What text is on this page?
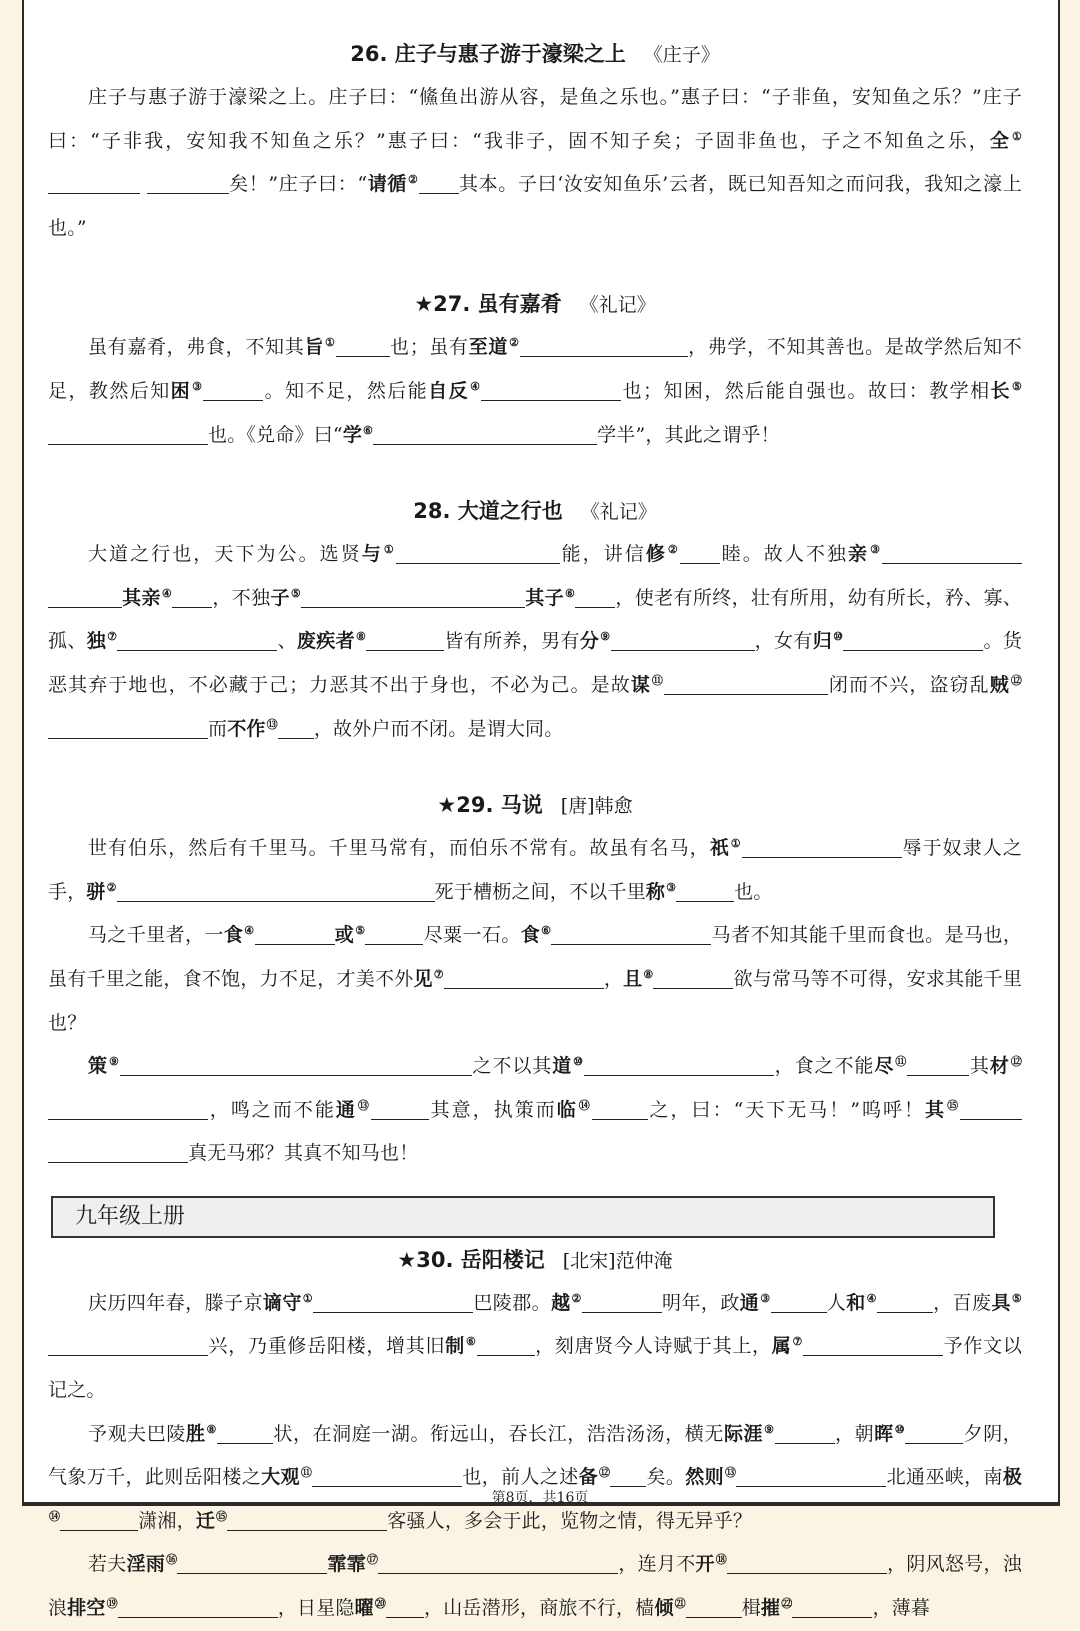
26. 庄子与惠子游于濠梁之上 《庄子》

庄子与惠子游于濠梁之上。庄子曰：“鯈鱼出游从容，是鱼之乐也。”惠子曰：“子非鱼，安知鱼之乐？”庄子曰：“子非我，安知我不知鱼之乐？”惠子曰：“我非子，固不知子矣；子固非鱼也，子之不知鱼之乐，全① 矣！”庄子曰：“请循② 其本。子曰‘汝安知鱼乐’云者，既已知吾知之而问我，我知之濠上也。”

★27. 虽有嘉肴 《礼记》

虽有嘉肴，弗食，不知其旨①	也；虽有至道②	，弗学，不知其善也。是故学然后知不足，教然后知困③	。知不足，然后能自反④	也；知困，然后能自强也。故曰：教学相长⑤ 也。《兑命》曰“学⑥	学半”，其此之谓乎！

28. 大道之行也 《礼记》

大道之行也，天下为公。选贤与①	能，讲信修② 睦。故人不独亲③ 其亲④ ，不独子⑤	其子⑥ ，使老有所终，壮有所用，幼有所长，矜、寡、孤、独⑦	、废疾者⑧	皆有所养，男有分⑨	，女有归⑩	。货恶其弃于地也，不必藏于己；力恶其不出于身也，不必为己。是故谋⑪	闭而不兴，盗窃乱贼⑫而不作⑬ ，故外户而不闭。是谓大同。

★29. 马说 [唐]韩愈

世有伯乐，然后有千里马。千里马常有，而伯乐不常有。故虽有名马，祇①	辱于奴隶人之手，骈②	死于槽枥之间，不以千里称③	也。

马之千里者，一食④	或⑤	尽粟一石。食⑥	马者不知其能千里而食也。是马也，虽有千里之能，食不饱，力不足，才美不外见⑦	，且⑧	欲与常马等不可得，安求其能千里也？

策⑨	之不以其道⑩	，食之不能尽⑪	其材⑫，鸣之而不能通⑬	其意，执策而临⑭	之，曰：“天下无马！”呜呼！其⑮ 真无马邪？其真不知马也！

九年级上册
★30. 岳阳楼记 [北宋]范仲淹

庆历四年春，滕子京谪守①	巴陵郡。越②	明年，政通③	人和④	，百废具⑤兴，乃重修岳阳楼，增其旧制⑥	，刻唐贤今人诗赋于其上，属⑦	予作文以记之。

予观夫巴陵胜⑧	状，在洞庭一湖。衔远山，吞长江，浩浩汤汤，横无际涯⑨	，朝晖⑩	夕阴，气象万千，此则岳阳楼之大观⑪	也，前人之述备⑫ 矣。然则⑬	北通巫峡，南极⑭	潇湘，迁⑮	客骚人，多会于此，览物之情，得无异乎？

若夫淫雨⑯	霏霏⑰	，连月不开⑱	，阴风怒号，浊浪排空⑲	，日星隐曜⑳ ，山岳潜形，商旅不行，樯倾$^㉑$	楫摧$^㉒$	，薄暮

第8页，共16页
